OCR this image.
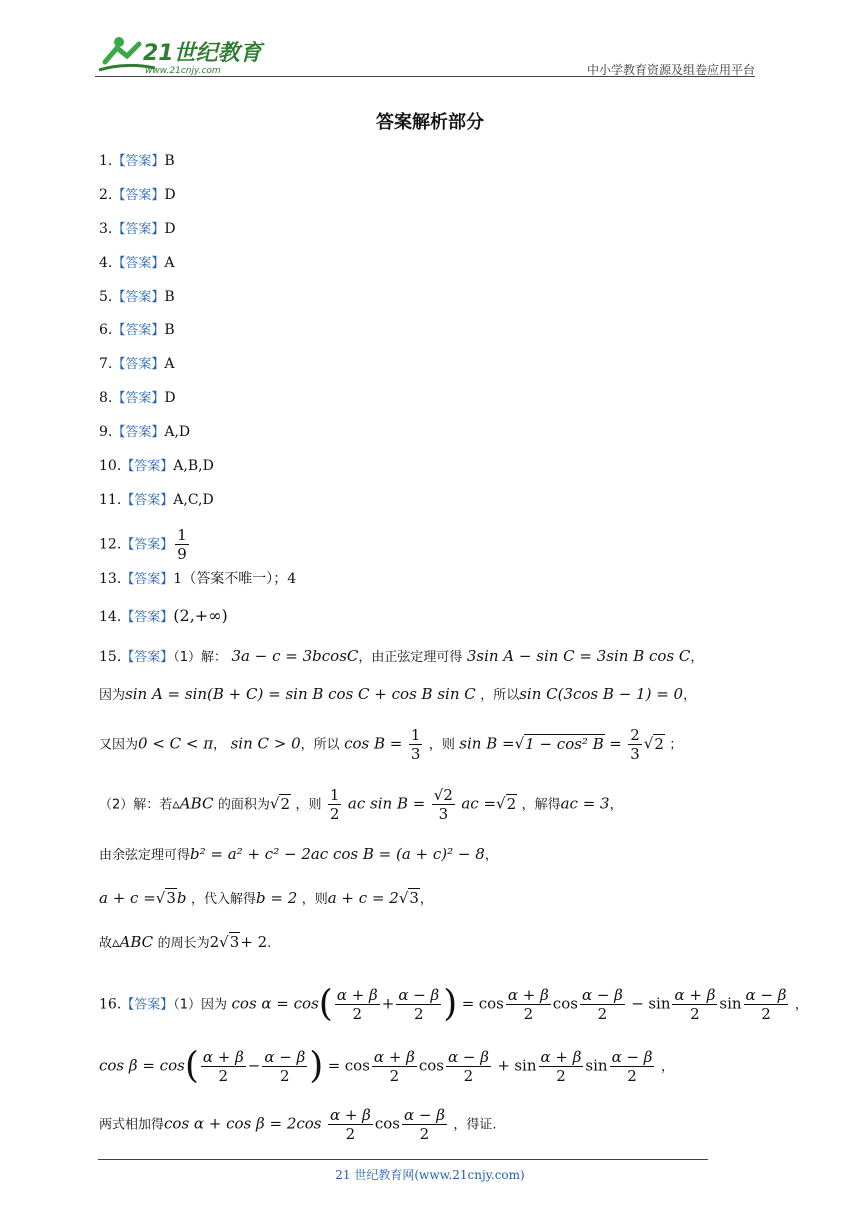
21世纪教育
www.21cnjy.com	中小学教育资源及组卷应用平台
答案解析部分
1.【答案】B
2.【答案】D
3.【答案】D
4.【答案】A
5.【答案】B
6.【答案】B
7.【答案】A
8.【答案】D
9.【答案】A,D
10.【答案】A,B,D
11.【答案】A,C,D
12.【答案】 $\frac{1}{9}$
13.【答案】1（答案不唯一）；4
14.【答案】(2,+∞)
15.【答案】（1）解： 3a − c = 3bcosC，由正弦定理可得 3sin A − sin C = 3sin B cos C，
因为sin A = sin(B + C) = sin B cos C + cos B sin C ，所以sin C(3cos B − 1) = 0，
又因为0 < C < π， sin C > 0，所以 $\cos B = \frac{1}{3}$ ，则 sin B =√1 − cos² $B = \frac{2}{3} √2$ ；
（2）解：若▵ABC 的面积为√2 ，则 $\frac{1}{2}$ ac $\sin B = \frac{√2}{3}$ ac =√2 ，解得ac = 3，
由余弦定理可得b² = a² + c² − 2ac cos B = (a + c)² − 8，
a + c =√3b ，代入解得b = 2 ，则a + c = 2√3，
故▵ABC 的周长为2√3+ 2.
16.【答案】（1）因为 $\cos \alpha = \cos( \frac{\alpha + \beta}{2} + \frac{\alpha - \beta}{2}$ ) = $\cos \frac{\alpha + \beta}{2}$ $\cos \frac{\alpha - \beta}{2} - \sin \frac{\alpha + \beta}{2}$ $\sin \frac{\alpha - \beta}{2}$ ，
$\cos \beta = \cos( \frac{\alpha + \beta}{2} - \frac{\alpha - \beta}{2}$ ) = $\cos \frac{\alpha + \beta}{2}$ $\cos \frac{\alpha - \beta}{2} + \sin \frac{\alpha + \beta}{2}$ $\sin \frac{\alpha - \beta}{2}$ ，
两式相加得$\cos \alpha + \cos \beta = 2\cos \frac{\alpha + \beta}{2}$ $\cos \frac{\alpha - \beta}{2}$ ，得证.
21 世纪教育网(www.21cnjy.com)
